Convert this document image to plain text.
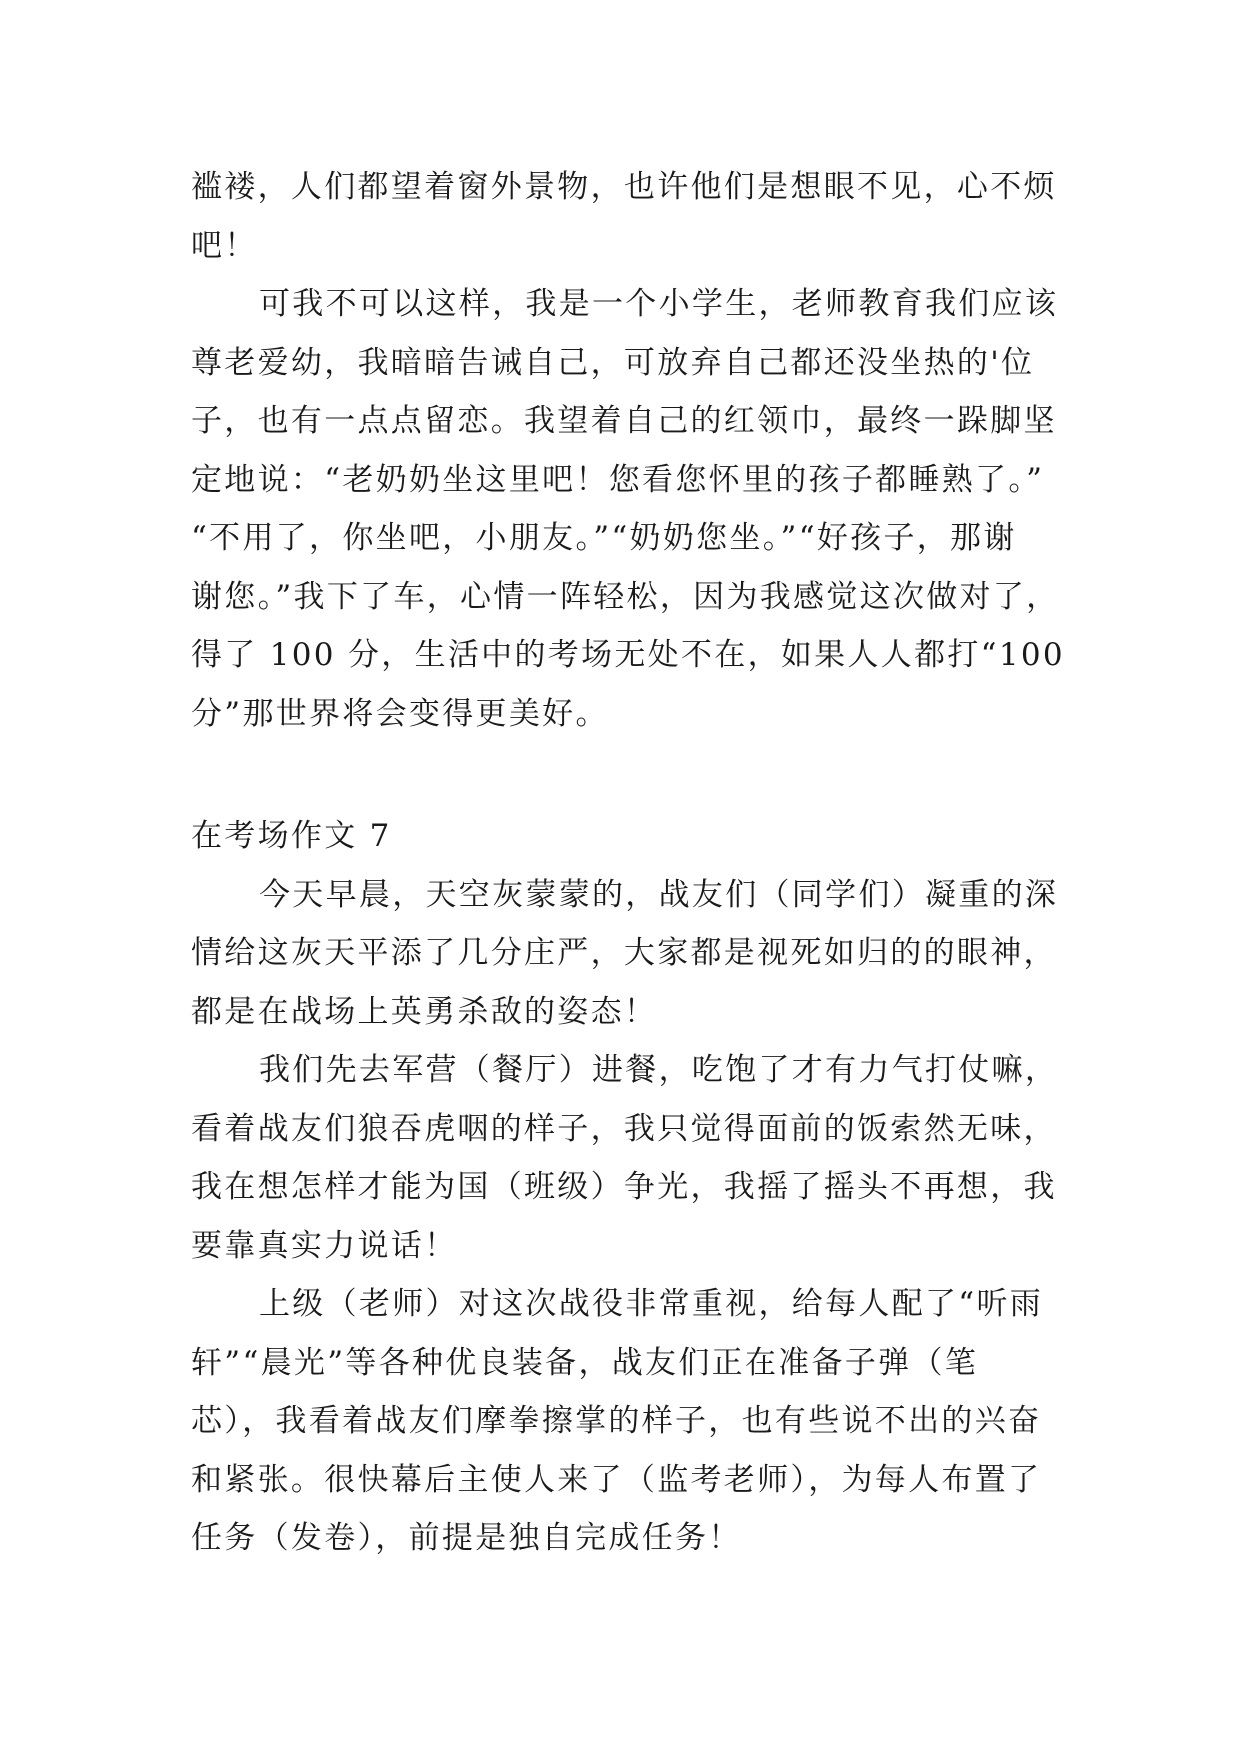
褴褛，人们都望着窗外景物，也许他们是想眼不见，心不烦
吧！
可我不可以这样，我是一个小学生，老师教育我们应该
尊老爱幼，我暗暗告诫自己，可放弃自己都还没坐热的'位
子，也有一点点留恋。我望着自己的红领巾，最终一跺脚坚
定地说：“老奶奶坐这里吧！您看您怀里的孩子都睡熟了。”
“不用了，你坐吧，小朋友。”“奶奶您坐。”“好孩子，那谢
谢您。”我下了车，心情一阵轻松，因为我感觉这次做对了，
得了 100 分，生活中的考场无处不在，如果人人都打“100
分”那世界将会变得更美好。
在考场作文 7
今天早晨，天空灰蒙蒙的，战友们（同学们）凝重的深
情给这灰天平添了几分庄严，大家都是视死如归的的眼神，
都是在战场上英勇杀敌的姿态！
我们先去军营（餐厅）进餐，吃饱了才有力气打仗嘛，
看着战友们狼吞虎咽的样子，我只觉得面前的饭索然无味，
我在想怎样才能为国（班级）争光，我摇了摇头不再想，我
要靠真实力说话！
上级（老师）对这次战役非常重视，给每人配了“听雨
轩”“晨光”等各种优良装备，战友们正在准备子弹（笔
芯），我看着战友们摩拳擦掌的样子，也有些说不出的兴奋
和紧张。很快幕后主使人来了（监考老师），为每人布置了
任务（发卷），前提是独自完成任务！
